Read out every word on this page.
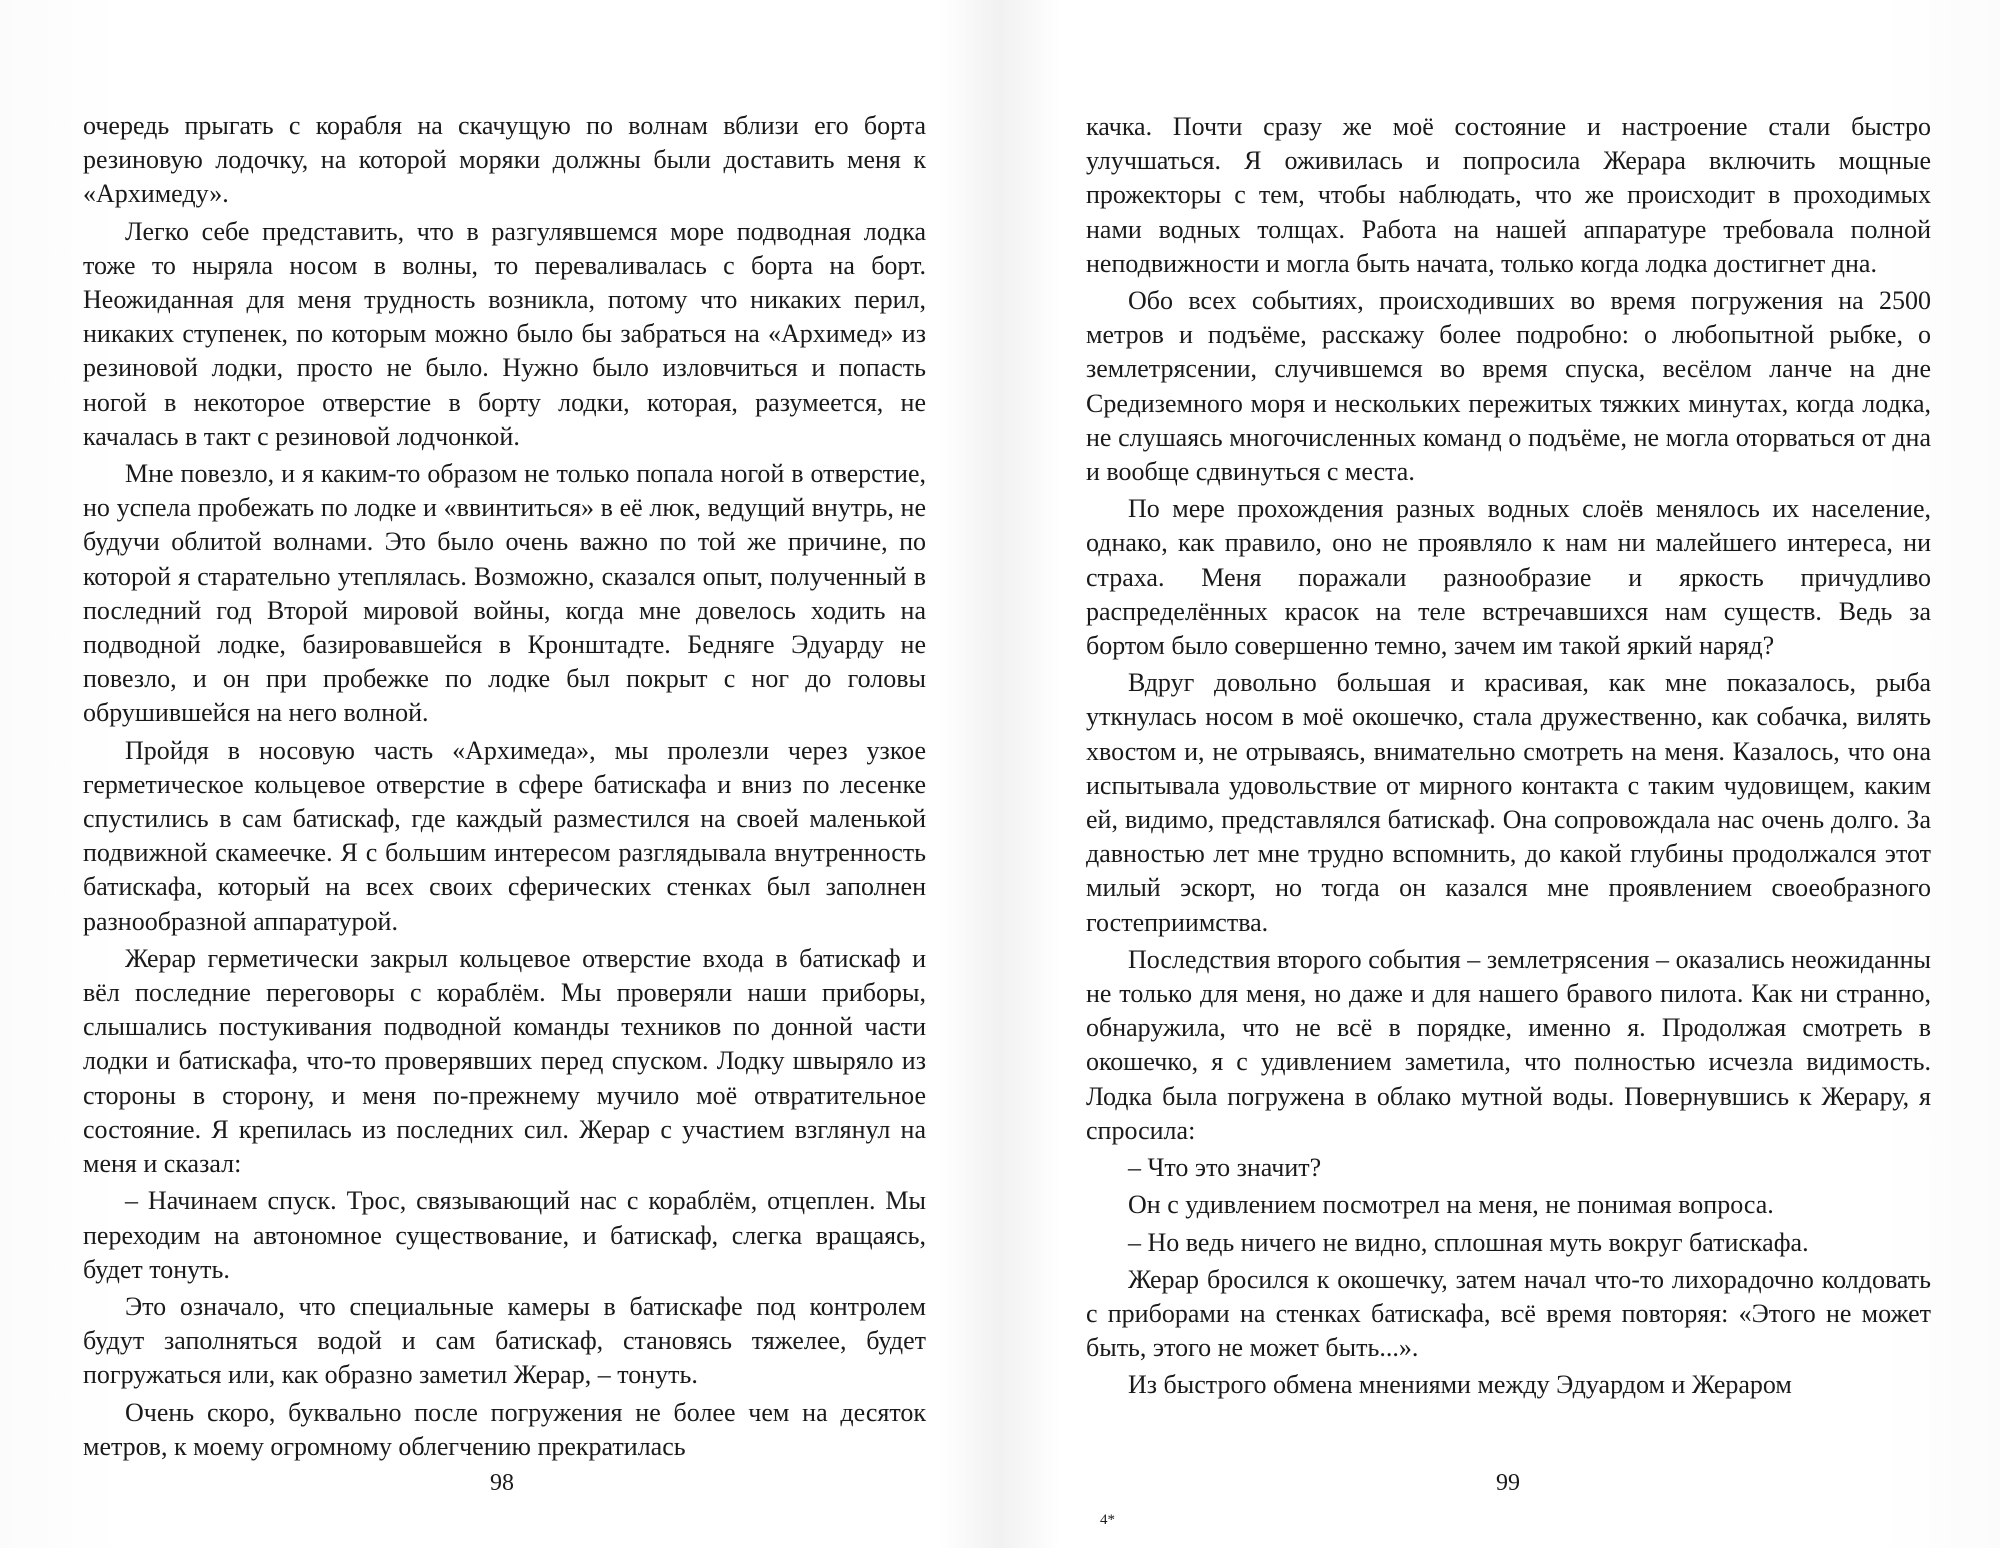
очередь прыгать с корабля на скачущую по волнам вблизи его борта резиновую лодочку, на которой моряки должны были доставить меня к «Архимеду».

Легко себе представить, что в разгулявшемся море подводная лодка тоже то ныряла носом в волны, то переваливалась с борта на борт. Неожиданная для меня трудность возникла, потому что никаких перил, никаких ступенек, по которым можно было бы забраться на «Архимед» из резиновой лодки, просто не было. Нужно было изловчиться и попасть ногой в некоторое отверстие в борту лодки, которая, разумеется, не качалась в такт с резиновой лодчонкой.

Мне повезло, и я каким-то образом не только попала ногой в отверстие, но успела пробежать по лодке и «ввинтиться» в её люк, ведущий внутрь, не будучи облитой волнами. Это было очень важно по той же причине, по которой я старательно утеплялась. Возможно, сказался опыт, полученный в последний год Второй мировой войны, когда мне довелось ходить на подводной лодке, базировавшейся в Кронштадте. Бедняге Эдуарду не повезло, и он при пробежке по лодке был покрыт с ног до головы обрушившейся на него волной.

Пройдя в носовую часть «Архимеда», мы пролезли через узкое герметическое кольцевое отверстие в сфере батискафа и вниз по лесенке спустились в сам батискаф, где каждый разместился на своей маленькой подвижной скамеечке. Я с большим интересом разглядывала внутренность батискафа, который на всех своих сферических стенках был заполнен разнообразной аппаратурой.

Жерар герметически закрыл кольцевое отверстие входа в батискаф и вёл последние переговоры с кораблём. Мы проверяли наши приборы, слышались постукивания подводной команды техников по донной части лодки и батискафа, что-то проверявших перед спуском. Лодку швыряло из стороны в сторону, и меня по-прежнему мучило моё отвратительное состояние. Я крепилась из последних сил. Жерар с участием взглянул на меня и сказал:

– Начинаем спуск. Трос, связывающий нас с кораблём, отцеплен. Мы переходим на автономное существование, и батискаф, слегка вращаясь, будет тонуть.

Это означало, что специальные камеры в батискафе под контролем будут заполняться водой и сам батискаф, становясь тяжелее, будет погружаться или, как образно заметил Жерар, – тонуть.

Очень скоро, буквально после погружения не более чем на десяток метров, к моему огромному облегчению прекратилась

98

качка. Почти сразу же моё состояние и настроение стали быстро улучшаться. Я оживилась и попросила Жерара включить мощные прожекторы с тем, чтобы наблюдать, что же происходит в проходимых нами водных толщах. Работа на нашей аппаратуре требовала полной неподвижности и могла быть начата, только когда лодка достигнет дна.

Обо всех событиях, происходивших во время погружения на 2500 метров и подъёме, расскажу более подробно: о любопытной рыбке, о землетрясении, случившемся во время спуска, весёлом ланче на дне Средиземного моря и нескольких пережитых тяжких минутах, когда лодка, не слушаясь многочисленных команд о подъёме, не могла оторваться от дна и вообще сдвинуться с места.

По мере прохождения разных водных слоёв менялось их население, однако, как правило, оно не проявляло к нам ни малейшего интереса, ни страха. Меня поражали разнообразие и яркость причудливо распределённых красок на теле встречавшихся нам существ. Ведь за бортом было совершенно темно, зачем им такой яркий наряд?

Вдруг довольно большая и красивая, как мне показалось, рыба уткнулась носом в моё окошечко, стала дружественно, как собачка, вилять хвостом и, не отрываясь, внимательно смотреть на меня. Казалось, что она испытывала удовольствие от мирного контакта с таким чудовищем, каким ей, видимо, представлялся батискаф. Она сопровождала нас очень долго. За давностью лет мне трудно вспомнить, до какой глубины продолжался этот милый эскорт, но тогда он казался мне проявлением своеобразного гостеприимства.

Последствия второго события – землетрясения – оказались неожиданны не только для меня, но даже и для нашего бравого пилота. Как ни странно, обнаружила, что не всё в порядке, именно я. Продолжая смотреть в окошечко, я с удивлением заметила, что полностью исчезла видимость. Лодка была погружена в облако мутной воды. Повернувшись к Жерару, я спросила:

– Что это значит?

Он с удивлением посмотрел на меня, не понимая вопроса.

– Но ведь ничего не видно, сплошная муть вокруг батискафа.

Жерар бросился к окошечку, затем начал что-то лихорадочно колдовать с приборами на стенках батискафа, всё время повторяя: «Этого не может быть, этого не может быть...».

Из быстрого обмена мнениями между Эдуардом и Жераром

4*
99
